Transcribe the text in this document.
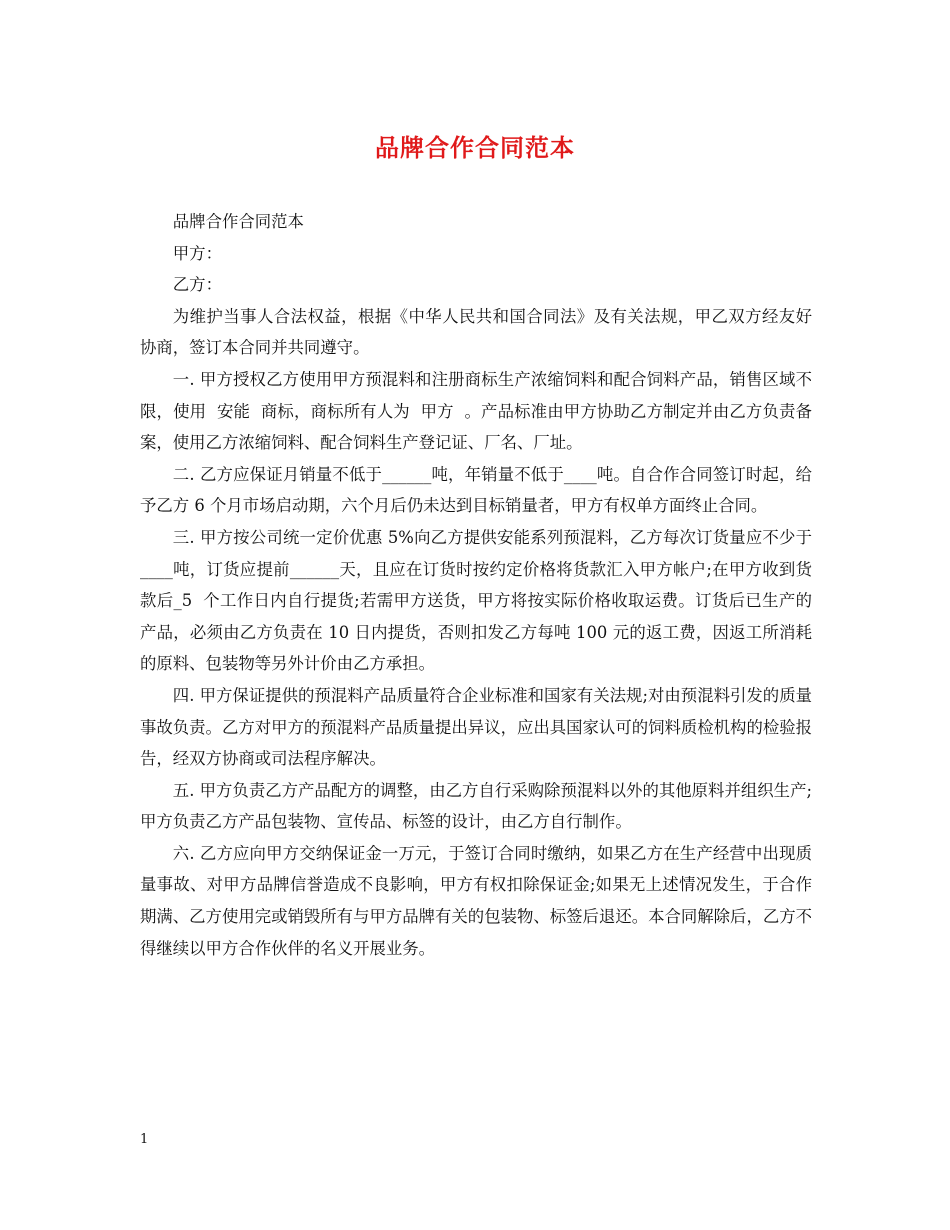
品牌合作合同范本

品牌合作合同范本

甲方：

乙方：

为维护当事人合法权益，根据《中华人民共和国合同法》及有关法规，甲乙双方经友好协商，签订本合同并共同遵守。

一. 甲方授权乙方使用甲方预混料和注册商标生产浓缩饲料和配合饲料产品，销售区域不限，使用  安能  商标，商标所有人为  甲方  。产品标准由甲方协助乙方制定并由乙方负责备案，使用乙方浓缩饲料、配合饲料生产登记证、厂名、厂址。

二. 乙方应保证月销量不低于______吨，年销量不低于____吨。自合作合同签订时起，给予乙方 6 个月市场启动期，六个月后仍未达到目标销量者，甲方有权单方面终止合同。

三. 甲方按公司统一定价优惠 5%向乙方提供安能系列预混料，乙方每次订货量应不少于____吨，订货应提前______天，且应在订货时按约定价格将货款汇入甲方帐户;在甲方收到货款后_5  个工作日内自行提货;若需甲方送货，甲方将按实际价格收取运费。订货后已生产的产品，必须由乙方负责在 10 日内提货，否则扣发乙方每吨 100 元的返工费，因返工所消耗的原料、包装物等另外计价由乙方承担。

四. 甲方保证提供的预混料产品质量符合企业标准和国家有关法规;对由预混料引发的质量事故负责。乙方对甲方的预混料产品质量提出异议，应出具国家认可的饲料质检机构的检验报告，经双方协商或司法程序解决。

五. 甲方负责乙方产品配方的调整，由乙方自行采购除预混料以外的其他原料并组织生产;甲方负责乙方产品包装物、宣传品、标签的设计，由乙方自行制作。

六. 乙方应向甲方交纳保证金一万元，于签订合同时缴纳，如果乙方在生产经营中出现质量事故、对甲方品牌信誉造成不良影响，甲方有权扣除保证金;如果无上述情况发生，于合作期满、乙方使用完或销毁所有与甲方品牌有关的包装物、标签后退还。本合同解除后，乙方不得继续以甲方合作伙伴的名义开展业务。

1
